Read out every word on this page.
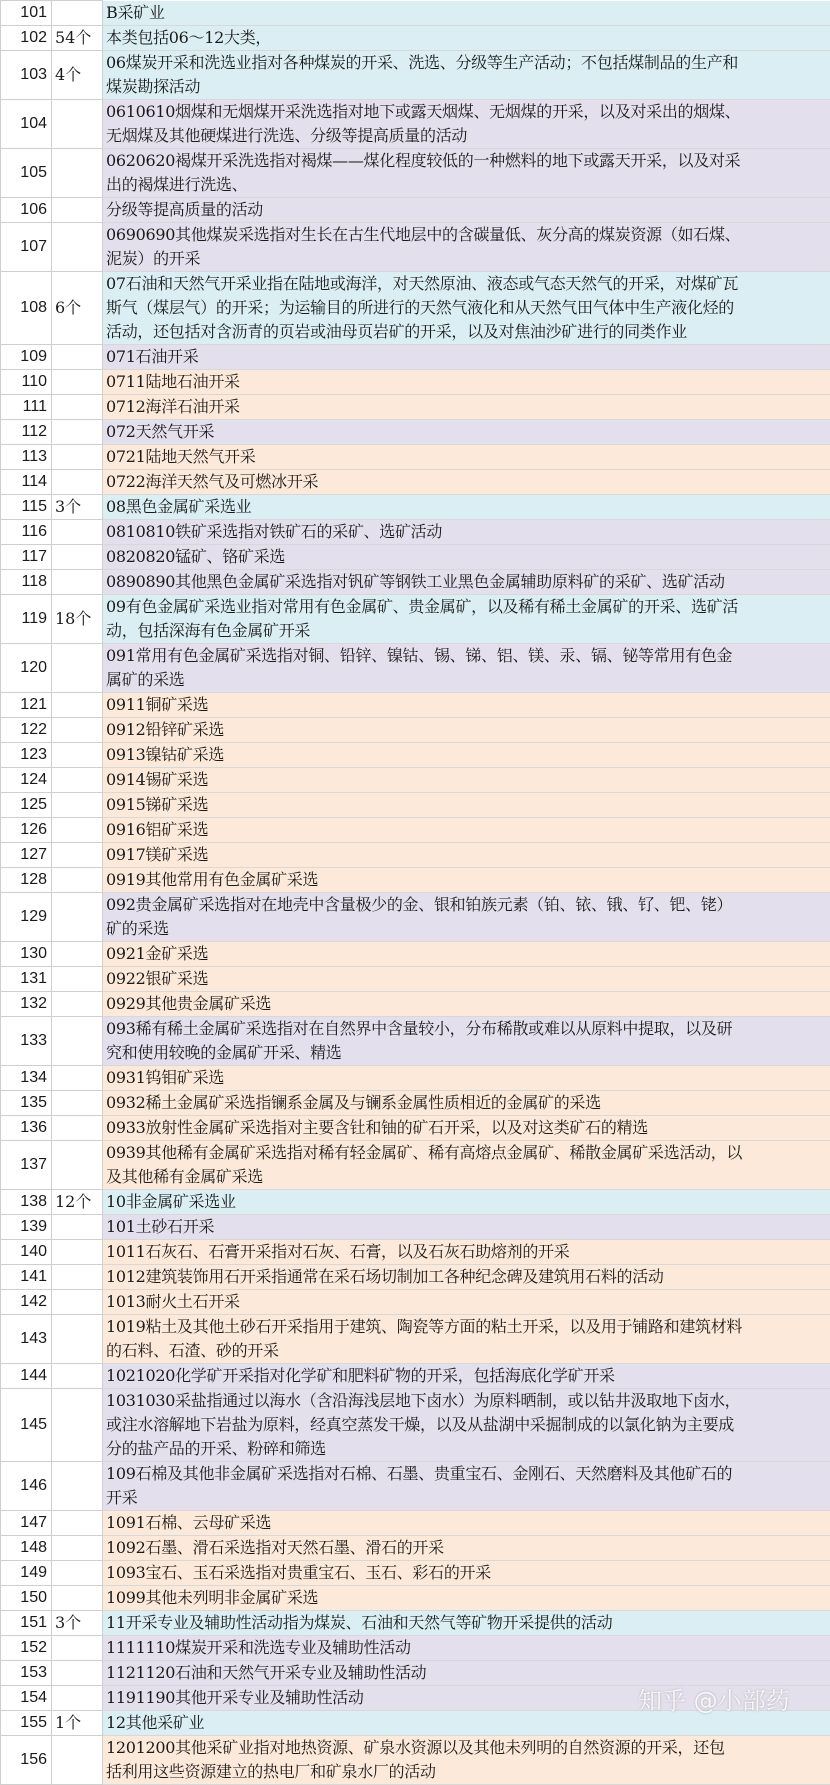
101		B采矿业

102	54个	本类包括06～12大类，

103	4个	06煤炭开采和洗选业指对各种煤炭的开采、洗选、分级等生产活动；不包括煤制品的生产和
煤炭勘探活动

104		0610610烟煤和无烟煤开采洗选指对地下或露天烟煤、无烟煤的开采，以及对采出的烟煤、
无烟煤及其他硬煤进行洗选、分级等提高质量的活动

105		0620620褐煤开采洗选指对褐煤——煤化程度较低的一种燃料的地下或露天开采，以及对采
出的褐煤进行洗选、

106		分级等提高质量的活动

107		0690690其他煤炭采选指对生长在古生代地层中的含碳量低、灰分高的煤炭资源（如石煤、
泥炭）的开采

108	6个	07石油和天然气开采业指在陆地或海洋，对天然原油、液态或气态天然气的开采，对煤矿瓦
斯气（煤层气）的开采；为运输目的所进行的天然气液化和从天然气田气体中生产液化烃的
活动，还包括对含沥青的页岩或油母页岩矿的开采，以及对焦油沙矿进行的同类作业

109		071石油开采

110		0711陆地石油开采

111		0712海洋石油开采

112		072天然气开采

113		0721陆地天然气开采

114		0722海洋天然气及可燃冰开采

115	3个	08黑色金属矿采选业

116		0810810铁矿采选指对铁矿石的采矿、选矿活动

117		0820820锰矿、铬矿采选

118		0890890其他黑色金属矿采选指对钒矿等钢铁工业黑色金属辅助原料矿的采矿、选矿活动

119	18个	09有色金属矿采选业指对常用有色金属矿、贵金属矿，以及稀有稀土金属矿的开采、选矿活
动，包括深海有色金属矿开采

120		091常用有色金属矿采选指对铜、铅锌、镍钴、锡、锑、铝、镁、汞、镉、铋等常用有色金
属矿的采选

121		0911铜矿采选

122		0912铅锌矿采选

123		0913镍钴矿采选

124		0914锡矿采选

125		0915锑矿采选

126		0916铝矿采选

127		0917镁矿采选

128		0919其他常用有色金属矿采选

129		092贵金属矿采选指对在地壳中含量极少的金、银和铂族元素（铂、铱、锇、钌、钯、铑）
矿的采选

130		0921金矿采选

131		0922银矿采选

132		0929其他贵金属矿采选

133		093稀有稀土金属矿采选指对在自然界中含量较小，分布稀散或难以从原料中提取，以及研
究和使用较晚的金属矿开采、精选

134		0931钨钼矿采选

135		0932稀土金属矿采选指镧系金属及与镧系金属性质相近的金属矿的采选

136		0933放射性金属矿采选指对主要含钍和铀的矿石开采，以及对这类矿石的精选

137		0939其他稀有金属矿采选指对稀有轻金属矿、稀有高熔点金属矿、稀散金属矿采选活动，以
及其他稀有金属矿采选

138	12个	10非金属矿采选业

139		101土砂石开采

140		1011石灰石、石膏开采指对石灰、石膏，以及石灰石助熔剂的开采

141		1012建筑装饰用石开采指通常在采石场切制加工各种纪念碑及建筑用石料的活动

142		1013耐火土石开采

143		1019粘土及其他土砂石开采指用于建筑、陶瓷等方面的粘土开采，以及用于铺路和建筑材料
的石料、石渣、砂的开采

144		1021020化学矿开采指对化学矿和肥料矿物的开采，包括海底化学矿开采

145		1031030采盐指通过以海水（含沿海浅层地下卤水）为原料晒制，或以钻井汲取地下卤水，
或注水溶解地下岩盐为原料，经真空蒸发干燥，以及从盐湖中采掘制成的以氯化钠为主要成
分的盐产品的开采、粉碎和筛选

146		109石棉及其他非金属矿采选指对石棉、石墨、贵重宝石、金刚石、天然磨料及其他矿石的
开采

147		1091石棉、云母矿采选

148		1092石墨、滑石采选指对天然石墨、滑石的开采

149		1093宝石、玉石采选指对贵重宝石、玉石、彩石的开采

150		1099其他未列明非金属矿采选

151	3个	11开采专业及辅助性活动指为煤炭、石油和天然气等矿物开采提供的活动

152		1111110煤炭开采和洗选专业及辅助性活动

153		1121120石油和天然气开采专业及辅助性活动

154		1191190其他开采专业及辅助性活动

155	1个	12其他采矿业

156		1201200其他采矿业指对地热资源、矿泉水资源以及其他未列明的自然资源的开采，还包
括利用这些资源建立的热电厂和矿泉水厂的活动
知乎 @小部药
